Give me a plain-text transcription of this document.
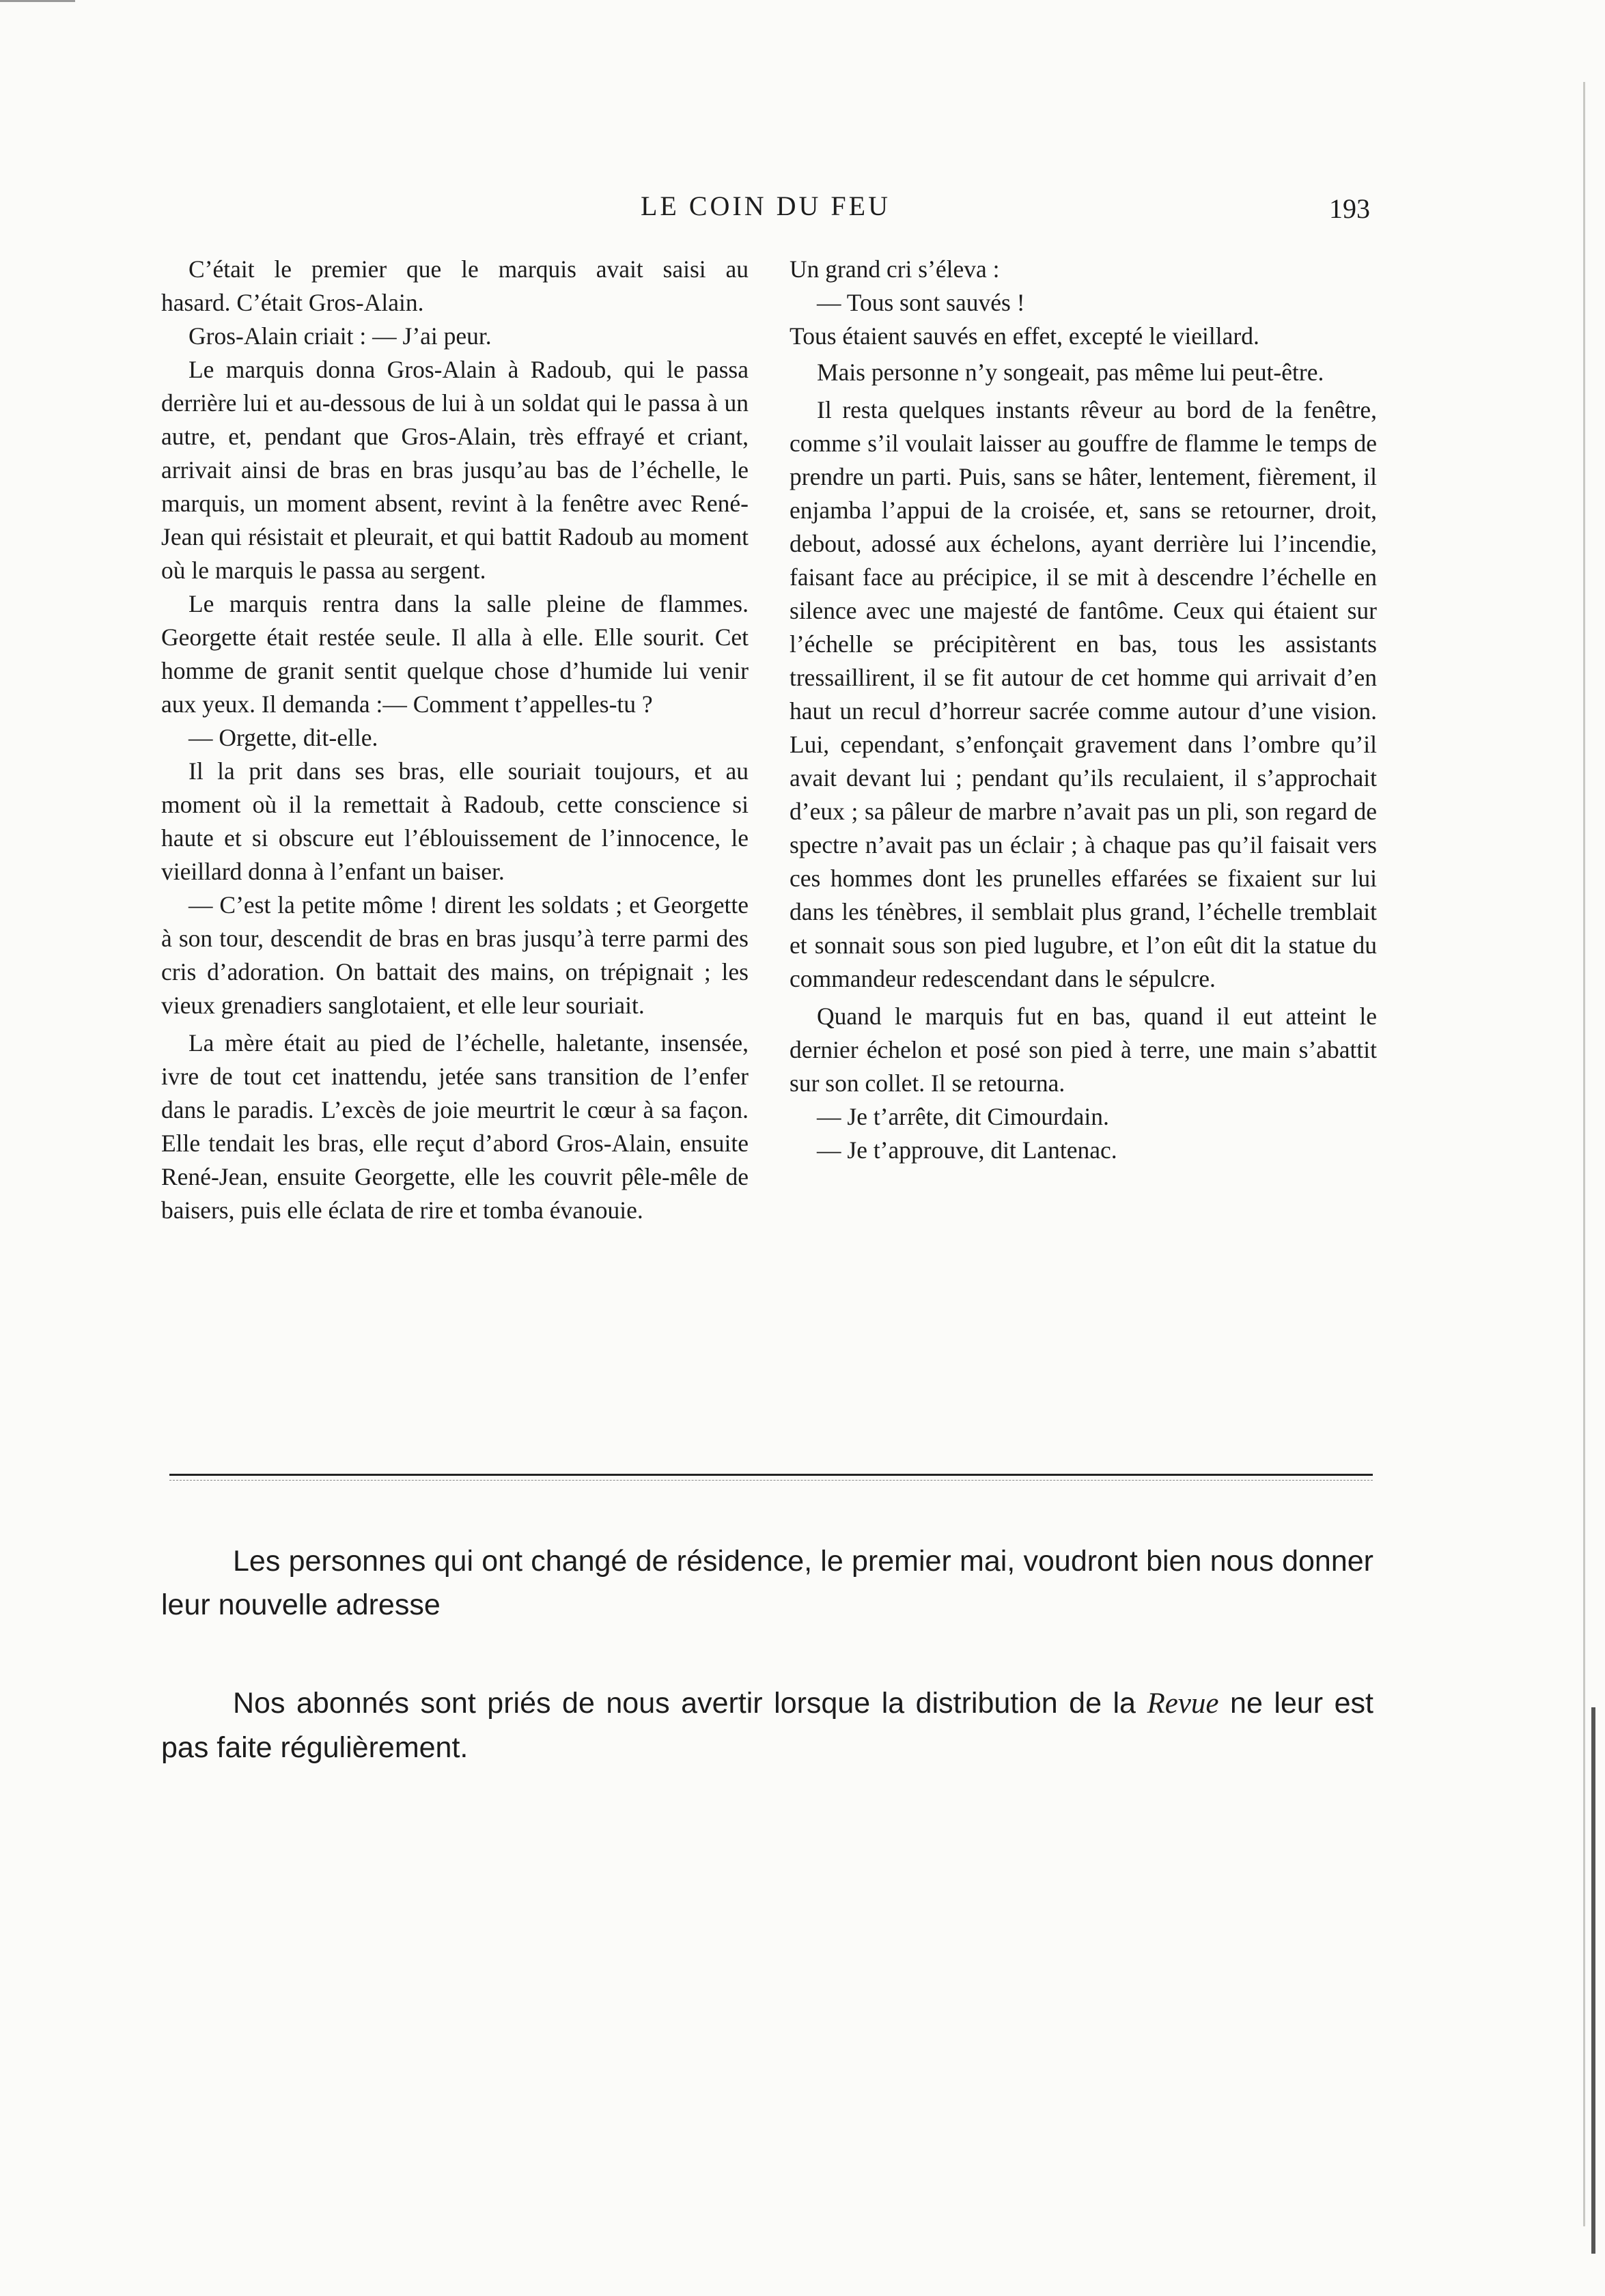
LE COIN DU FEU	193

C’était le premier que le marquis avait saisi au

hasard. C’était Gros-Alain.

Gros-Alain criait : — J’ai peur.

Le marquis donna Gros-Alain à Radoub, qui le passa derrière lui et au-dessous de lui à un soldat qui le passa à un autre, et, pendant que Gros-Alain, très effrayé et criant, arrivait ainsi de bras en bras jusqu’au bas de l’échelle, le marquis, un moment absent, revint à la fenêtre avec René-Jean qui résistait et pleurait, et qui battit Radoub au moment où le marquis le passa au sergent.

Le marquis rentra dans la salle pleine de flammes. Georgette était restée seule. Il alla à elle. Elle sourit. Cet homme de granit sentit quelque chose d’humide lui venir aux yeux. Il demanda :— Comment t’appelles-tu ?

— Orgette, dit-elle.

Il la prit dans ses bras, elle souriait toujours, et au moment où il la remettait à Radoub, cette conscience si haute et si obscure eut l’éblouissement de l’innocence, le vieillard donna à l’enfant un baiser.

— C’est la petite môme ! dirent les soldats ; et Georgette à son tour, descendit de bras en bras jusqu’à terre parmi des cris d’adoration. On battait des mains, on trépignait ; les vieux grenadiers sanglotaient, et elle leur souriait.

La mère était au pied de l’échelle, haletante, insensée, ivre de tout cet inattendu, jetée sans transition de l’enfer dans le paradis. L’excès de joie meurtrit le cœur à sa façon. Elle tendait les bras, elle reçut d’abord Gros-Alain, ensuite René-Jean, ensuite Georgette, elle les couvrit pêle-mêle de baisers, puis elle éclata de rire et tomba évanouie.

Un grand cri s’éleva :

— Tous sont sauvés !

Tous étaient sauvés en effet, excepté le vieillard.

Mais personne n’y songeait, pas même lui peut-être.

Il resta quelques instants rêveur au bord de la fenêtre, comme s’il voulait laisser au gouffre de flamme le temps de prendre un parti. Puis, sans se hâter, lentement, fièrement, il enjamba l’appui de la croisée, et, sans se retourner, droit, debout, adossé aux échelons, ayant derrière lui l’incendie, faisant face au précipice, il se mit à descendre l’échelle en silence avec une majesté de fantôme. Ceux qui étaient sur l’échelle se précipitèrent en bas, tous les assistants tressaillirent, il se fit autour de cet homme qui arrivait d’en haut un recul d’horreur sacrée comme autour d’une vision. Lui, cependant, s’enfonçait gravement dans l’ombre qu’il avait devant lui ; pendant qu’ils reculaient, il s’approchait d’eux ; sa pâleur de marbre n’avait pas un pli, son regard de spectre n’avait pas un éclair ; à chaque pas qu’il faisait vers ces hommes dont les prunelles effarées se fixaient sur lui dans les ténèbres, il semblait plus grand, l’échelle tremblait et sonnait sous son pied lugubre, et l’on eût dit la statue du commandeur redescendant dans le sépulcre.

Quand le marquis fut en bas, quand il eut atteint le dernier échelon et posé son pied à terre, une main s’abattit sur son collet. Il se retourna.

— Je t’arrête, dit Cimourdain.

— Je t’approuve, dit Lantenac.

Les personnes qui ont changé de résidence, le premier mai, voudront bien nous donner leur nouvelle adresse

Nos abonnés sont priés de nous avertir lorsque la distribution de la Revue ne leur est pas faite régulièrement.
